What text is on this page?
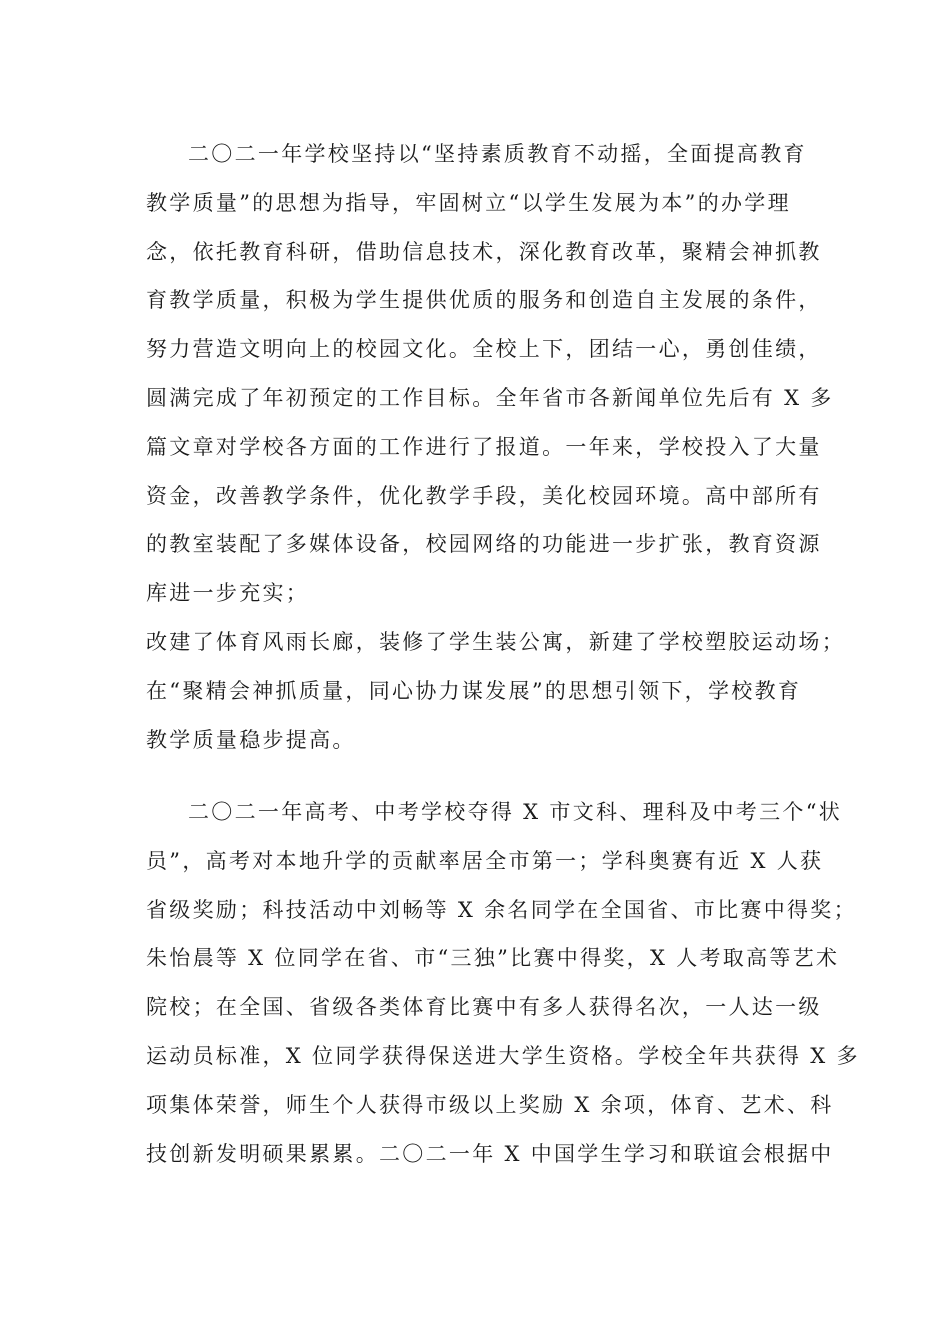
二〇二一年学校坚持以“坚持素质教育不动摇，全面提高教育
教学质量”的思想为指导，牢固树立“以学生发展为本”的办学理
念，依托教育科研，借助信息技术，深化教育改革，聚精会神抓教
育教学质量，积极为学生提供优质的服务和创造自主发展的条件，
努力营造文明向上的校园文化。全校上下，团结一心，勇创佳绩，
圆满完成了年初预定的工作目标。全年省市各新闻单位先后有 X 多
篇文章对学校各方面的工作进行了报道。一年来，学校投入了大量
资金，改善教学条件，优化教学手段，美化校园环境。高中部所有
的教室装配了多媒体设备，校园网络的功能进一步扩张，教育资源
库进一步充实；
改建了体育风雨长廊，装修了学生装公寓，新建了学校塑胶运动场；
在“聚精会神抓质量，同心协力谋发展”的思想引领下，学校教育
教学质量稳步提高。
二〇二一年高考、中考学校夺得 X 市文科、理科及中考三个“状
员”，高考对本地升学的贡献率居全市第一；学科奥赛有近 X 人获
省级奖励；科技活动中刘畅等 X 余名同学在全国省、市比赛中得奖；
朱怡晨等 X 位同学在省、市“三独”比赛中得奖，X 人考取高等艺术
院校；在全国、省级各类体育比赛中有多人获得名次，一人达一级
运动员标准，X 位同学获得保送进大学生资格。学校全年共获得 X 多
项集体荣誉，师生个人获得市级以上奖励 X 余项，体育、艺术、科
技创新发明硕果累累。二〇二一年 X 中国学生学习和联谊会根据中
